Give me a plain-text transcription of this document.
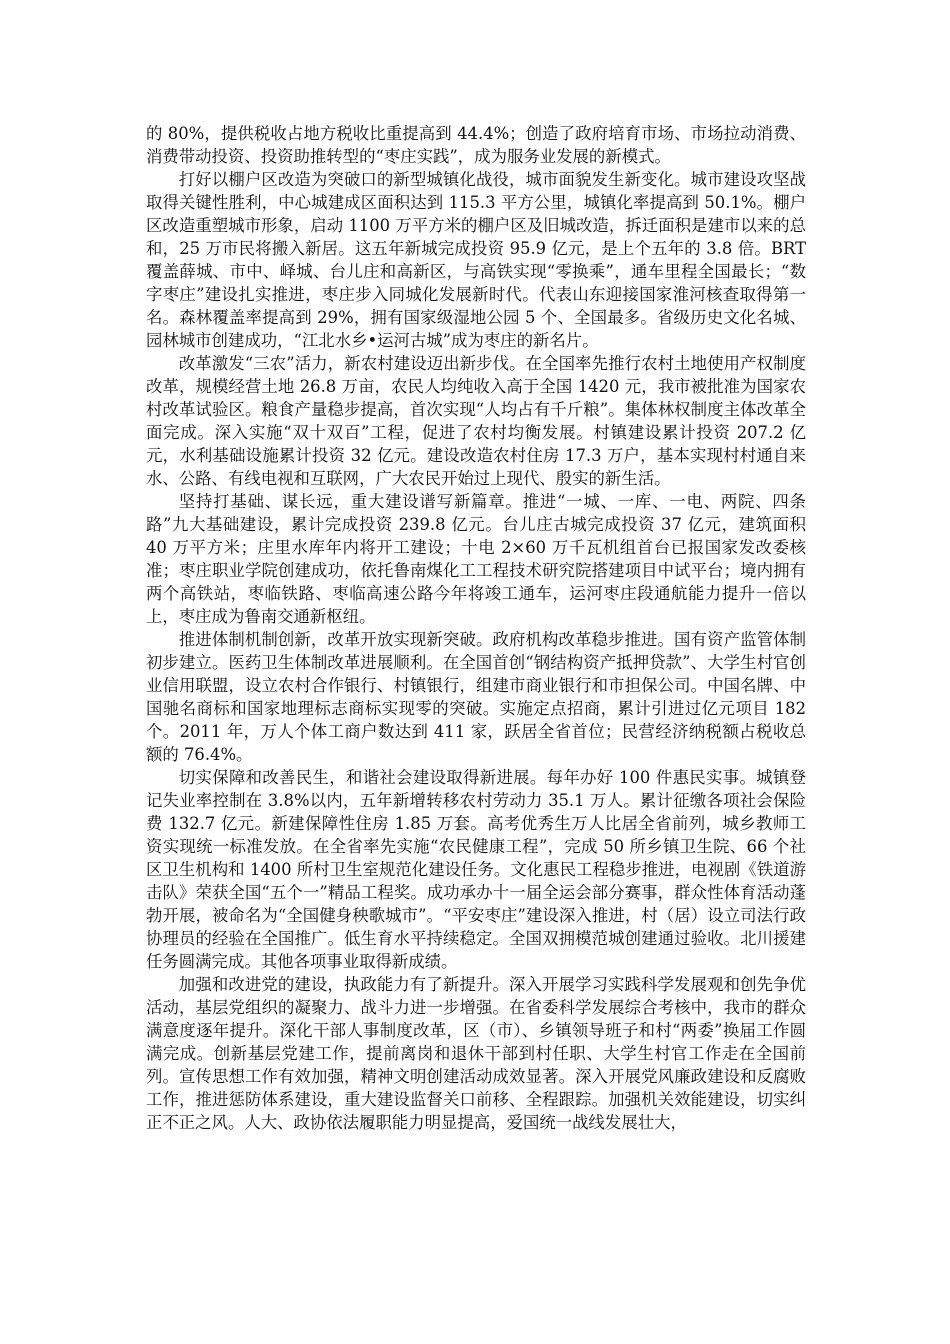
的 80%，提供税收占地方税收比重提高到 44.4%；创造了政府培育市场、市场拉动消费、消费带动投资、投资助推转型的“枣庄实践”，成为服务业发展的新模式。

打好以棚户区改造为突破口的新型城镇化战役，城市面貌发生新变化。城市建设攻坚战取得关键性胜利，中心城建成区面积达到 115.3 平方公里，城镇化率提高到 50.1%。棚户区改造重塑城市形象，启动 1100 万平方米的棚户区及旧城改造，拆迁面积是建市以来的总和，25 万市民将搬入新居。这五年新城完成投资 95.9 亿元，是上个五年的 3.8 倍。BRT 覆盖薛城、市中、峄城、台儿庄和高新区，与高铁实现“零换乘”，通车里程全国最长；“数字枣庄”建设扎实推进，枣庄步入同城化发展新时代。代表山东迎接国家淮河核查取得第一名。森林覆盖率提高到 29%，拥有国家级湿地公园 5 个、全国最多。省级历史文化名城、园林城市创建成功，“江北水乡•运河古城”成为枣庄的新名片。

改革激发“三农”活力，新农村建设迈出新步伐。在全国率先推行农村土地使用产权制度改革，规模经营土地 26.8 万亩，农民人均纯收入高于全国 1420 元，我市被批准为国家农村改革试验区。粮食产量稳步提高，首次实现“人均占有千斤粮”。集体林权制度主体改革全面完成。深入实施“双十双百”工程，促进了农村均衡发展。村镇建设累计投资 207.2 亿元，水利基础设施累计投资 32 亿元。建设改造农村住房 17.3 万户，基本实现村村通自来水、公路、有线电视和互联网，广大农民开始过上现代、殷实的新生活。

坚持打基础、谋长远，重大建设谱写新篇章。推进“一城、一库、一电、两院、四条路”九大基础建设，累计完成投资 239.8 亿元。台儿庄古城完成投资 37 亿元，建筑面积 40 万平方米；庄里水库年内将开工建设；十电 2×60 万千瓦机组首台已报国家发改委核准；枣庄职业学院创建成功，依托鲁南煤化工工程技术研究院搭建项目中试平台；境内拥有两个高铁站，枣临铁路、枣临高速公路今年将竣工通车，运河枣庄段通航能力提升一倍以上，枣庄成为鲁南交通新枢纽。

推进体制机制创新，改革开放实现新突破。政府机构改革稳步推进。国有资产监管体制初步建立。医药卫生体制改革进展顺利。在全国首创“钢结构资产抵押贷款”、大学生村官创业信用联盟，设立农村合作银行、村镇银行，组建市商业银行和市担保公司。中国名牌、中国驰名商标和国家地理标志商标实现零的突破。实施定点招商，累计引进过亿元项目 182 个。2011 年，万人个体工商户数达到 411 家，跃居全省首位；民营经济纳税额占税收总额的 76.4%。

切实保障和改善民生，和谐社会建设取得新进展。每年办好 100 件惠民实事。城镇登记失业率控制在 3.8%以内，五年新增转移农村劳动力 35.1 万人。累计征缴各项社会保险费 132.7 亿元。新建保障性住房 1.85 万套。高考优秀生万人比居全省前列，城乡教师工资实现统一标准发放。在全省率先实施“农民健康工程”，完成 50 所乡镇卫生院、66 个社区卫生机构和 1400 所村卫生室规范化建设任务。文化惠民工程稳步推进，电视剧《铁道游击队》荣获全国“五个一”精品工程奖。成功承办十一届全运会部分赛事，群众性体育活动蓬勃开展，被命名为“全国健身秧歌城市”。“平安枣庄”建设深入推进，村（居）设立司法行政协理员的经验在全国推广。低生育水平持续稳定。全国双拥模范城创建通过验收。北川援建任务圆满完成。其他各项事业取得新成绩。

加强和改进党的建设，执政能力有了新提升。深入开展学习实践科学发展观和创先争优活动，基层党组织的凝聚力、战斗力进一步增强。在省委科学发展综合考核中，我市的群众满意度逐年提升。深化干部人事制度改革，区（市）、乡镇领导班子和村“两委”换届工作圆满完成。创新基层党建工作，提前离岗和退休干部到村任职、大学生村官工作走在全国前列。宣传思想工作有效加强，精神文明创建活动成效显著。深入开展党风廉政建设和反腐败工作，推进惩防体系建设，重大建设监督关口前移、全程跟踪。加强机关效能建设，切实纠正不正之风。人大、政协依法履职能力明显提高，爱国统一战线发展壮大，
